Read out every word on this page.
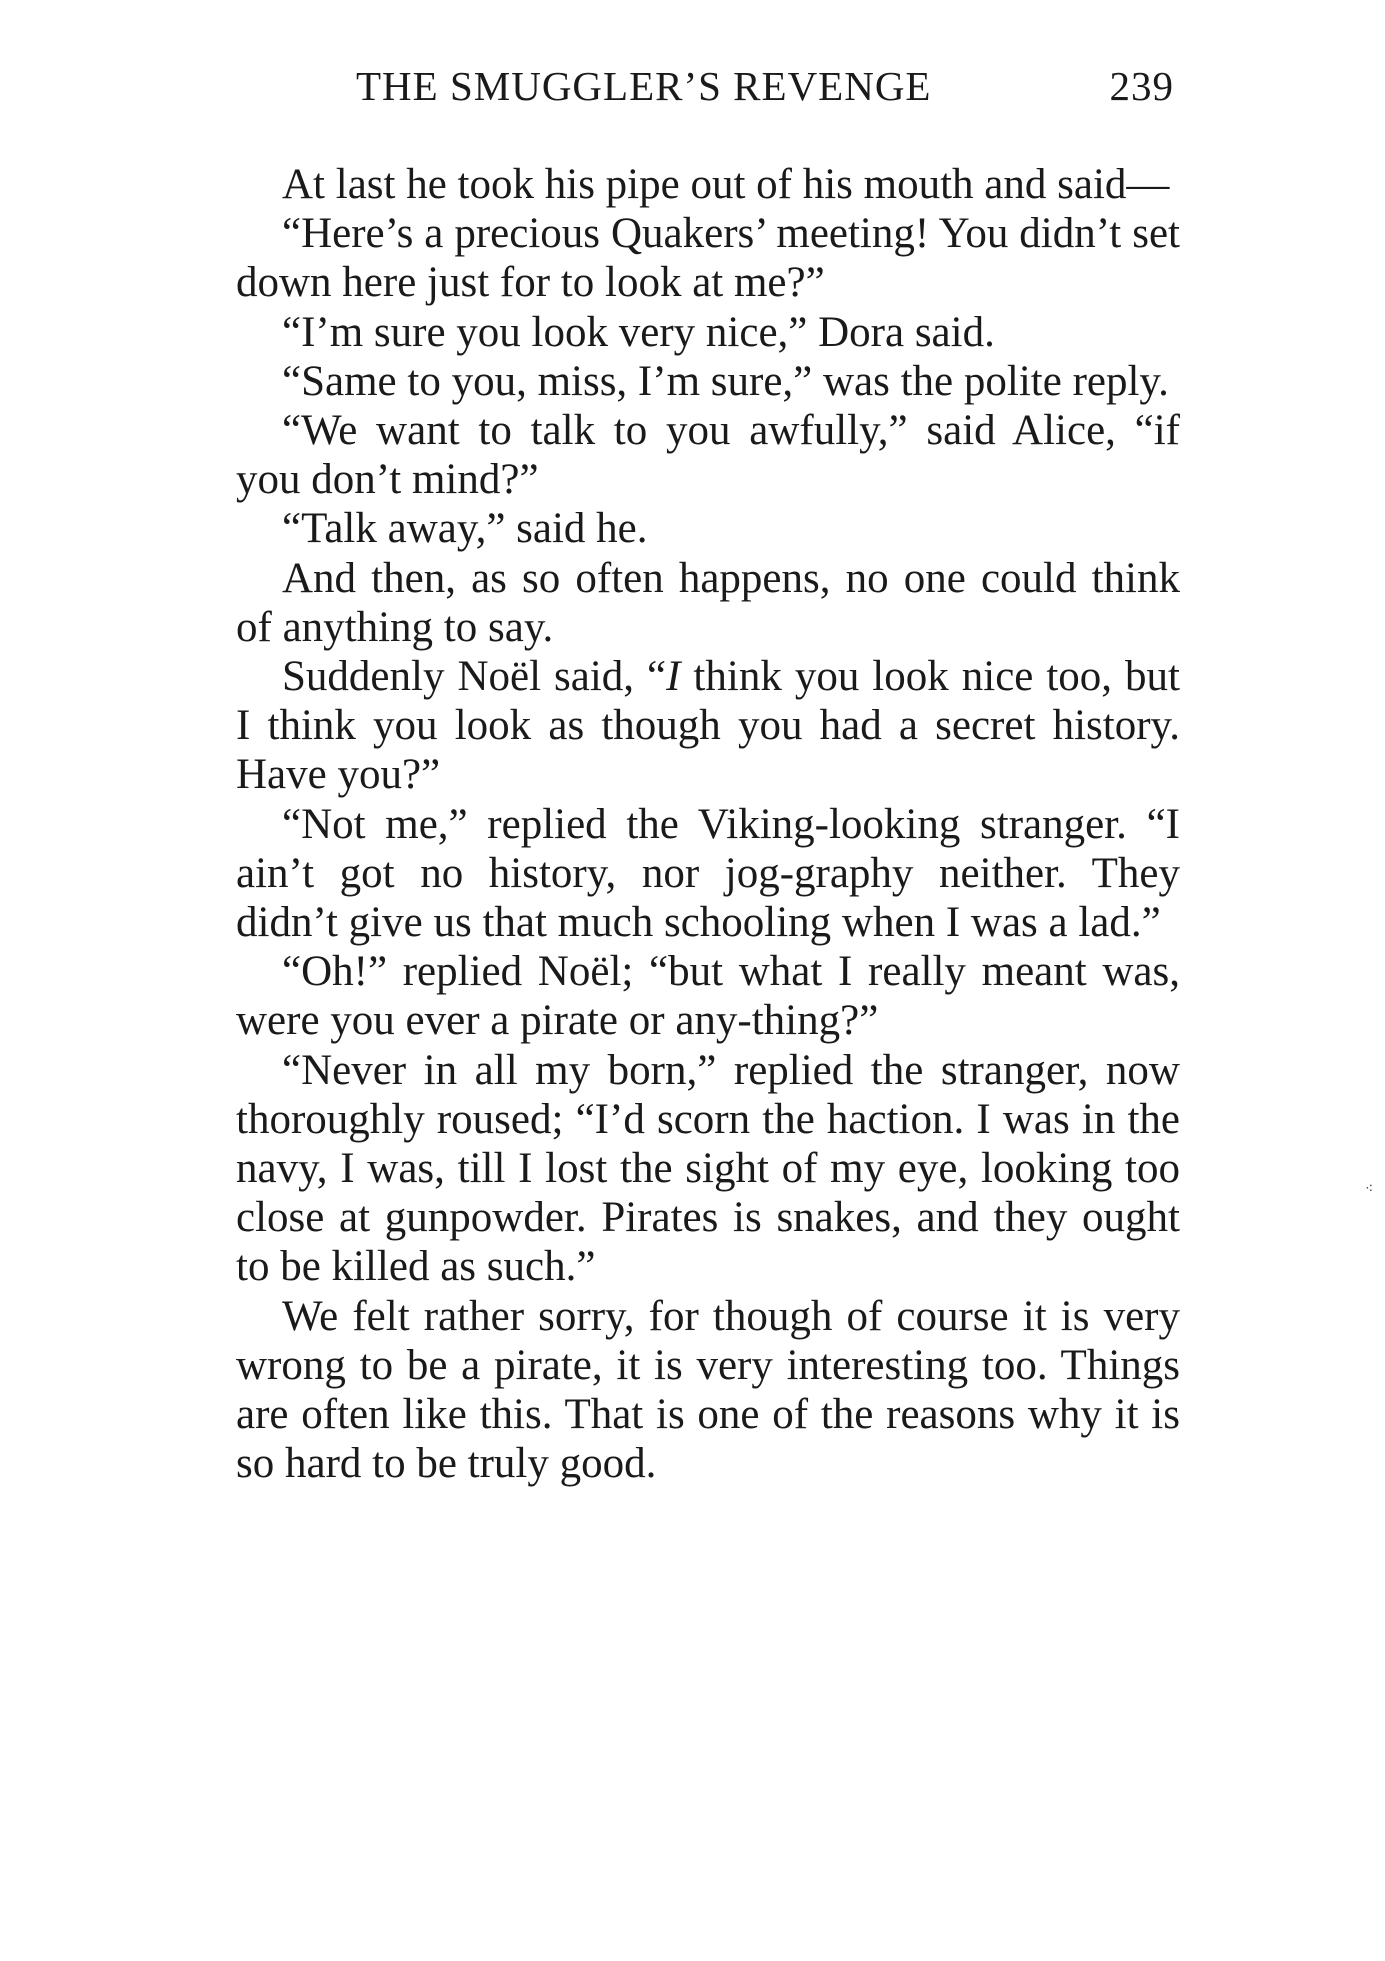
THE SMUGGLER’S REVENGE	239

At last he took his pipe out of his mouth and said—

“Here’s a precious Quakers’ meeting! You didn’t set down here just for to look at me?”

“I’m sure you look very nice,” Dora said.

“Same to you, miss, I’m sure,” was the polite reply.

“We want to talk to you awfully,” said Alice, “if you don’t mind?”

“Talk away,” said he.

And then, as so often happens, no one could think of anything to say.

Suddenly Noël said, “I think you look nice too, but I think you look as though you had a secret history. Have you?”

“Not me,” replied the Viking-looking stranger. “I ain’t got no history, nor jog-graphy neither. They didn’t give us that much schooling when I was a lad.”

“Oh!” replied Noël; “but what I really meant was, were you ever a pirate or any-thing?”

“Never in all my born,” replied the stranger, now thoroughly roused; “I’d scorn the haction. I was in the navy, I was, till I lost the sight of my eye, looking too close at gunpowder. Pirates is snakes, and they ought to be killed as such.”

We felt rather sorry, for though of course it is very wrong to be a pirate, it is very interesting too. Things are often like this. That is one of the reasons why it is so hard to be truly good.

⁖
